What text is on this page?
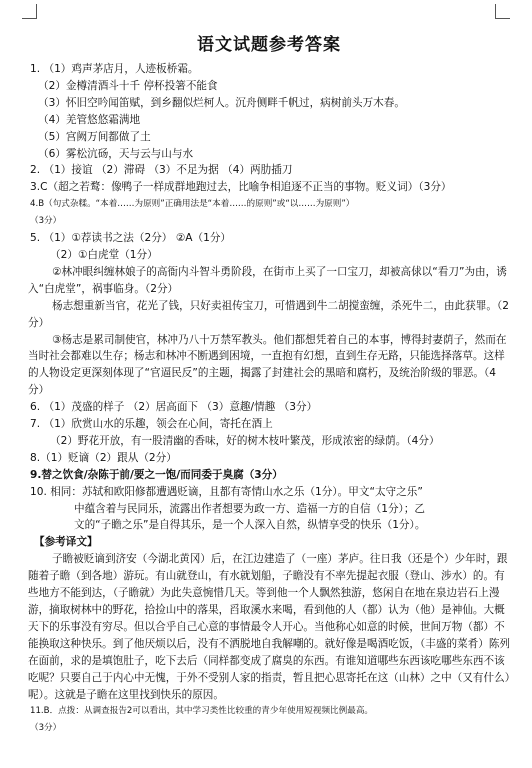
语文试题参考答案
1. （1）鸡声茅店月，人迹板桥霜。
（2）金樽清酒斗十千 停杯投箸不能食
（3）怀旧空吟闻笛赋，到乡翻似烂柯人。沉舟侧畔千帆过，病树前头万木春。
（4）羌管悠悠霜满地
（5）宫阙万间都做了土
（6）雾松沆砀，天与云与山与水
2. （1）接谊 （2）滞碍 （3）不足为据 （4）两肋插刀
3.C（超之若鹜：像鸭子一样成群地跑过去，比喻争相追逐不正当的事物。贬义词）（3分）
4.B（句式杂糅。“本着……为原则”正确用法是“本着……的原则”或“以……为原则”）
（3分）
5. （1）①荐读书之法（2分） ②A（1分）
（2）①白虎堂（1分）
②林冲眼纠缠林娘子的高衙内斗智斗勇阶段，在街市上买了一口宝刀，却被高俅以“看刀”为由，诱入“白虎堂”，祸事临身。（2分）
杨志想重新当官，花光了钱，只好卖祖传宝刀，可惜遇到牛二胡搅蛮缠，杀死牛二，由此获罪。（2分）
③杨志是累司制使官，林冲乃八十万禁军教头。他们都想凭着自己的本事，博得封妻荫子，然而在当时社会都难以生存；杨志和林冲不断遇到困境，一直抱有幻想，直到生存无路，只能选择落草。这样的人物设定更深刻体现了“官逼民反”的主题，揭露了封建社会的黑暗和腐朽，及统治阶级的罪恶。（4分）
6. （1）茂盛的样子 （2）居高面下 （3）意趣/情趣 （3分）
7. （1）欣赏山水的乐趣，领会在心间，寄托在酒上
（2）野花开放，有一股清幽的香味，好的树木枝叶繁茂，形成浓密的绿荫。（4分）
8.（1）贬谪（2）跟从（2分）
9.替之饮食/杂陈于前/要之一饱/而同委于臭腐（3分）
10. 相同：苏轼和欧阳修都遭遇贬谪，且都有寄情山水之乐（1分）。甲文“太守之乐”
中蕴含着与民同乐，流露出作者想要为政一方、造福一方的自信（1分）；乙
文的“子瞻之乐”是自得其乐，是一个人深入自然，纵情享受的快乐（1分）。
【参考译文】
子瞻被贬谪到济安（今湖北黄冈）后，在江边建造了（一座）茅庐。往日我（还是个）少年时，跟随着子瞻（到各地）游玩。有山就登山，有水就划船，子瞻没有不率先提起衣服（登山、涉水）的。有些地方不能到达，（子瞻就）为此失意惋惜几天。等到他一个人飘然独游，悠闲自在地在泉边岩石上漫游，摘取树林中的野花，拾捡山中的落果，舀取溪水来喝，看到他的人（都）认为（他）是神仙。大概天下的乐事没有穷尽。但以合乎自己心意的事情最令人开心。当他称心如意的时候，世间万物（都）不能换取这种快乐。到了他厌烦以后，没有不洒脱地自我解嘲的。就好像是喝酒吃饭，（丰盛的菜肴）陈列在面前，求的是填饱肚子，吃下去后（同样都变成了腐臭的东西。有谁知道哪些东西该吃哪些东西不该吃呢？只要自己于内心中无愧，于外不受别人家的指责，暂且把心思寄托在这（山林）之中（又有什么）呢）。这就是子瞻在这里找到快乐的原因。
11.B．点拨：从调查报告2可以看出，其中学习类性比较重的青少年使用短视频比例最高。
（3分）
